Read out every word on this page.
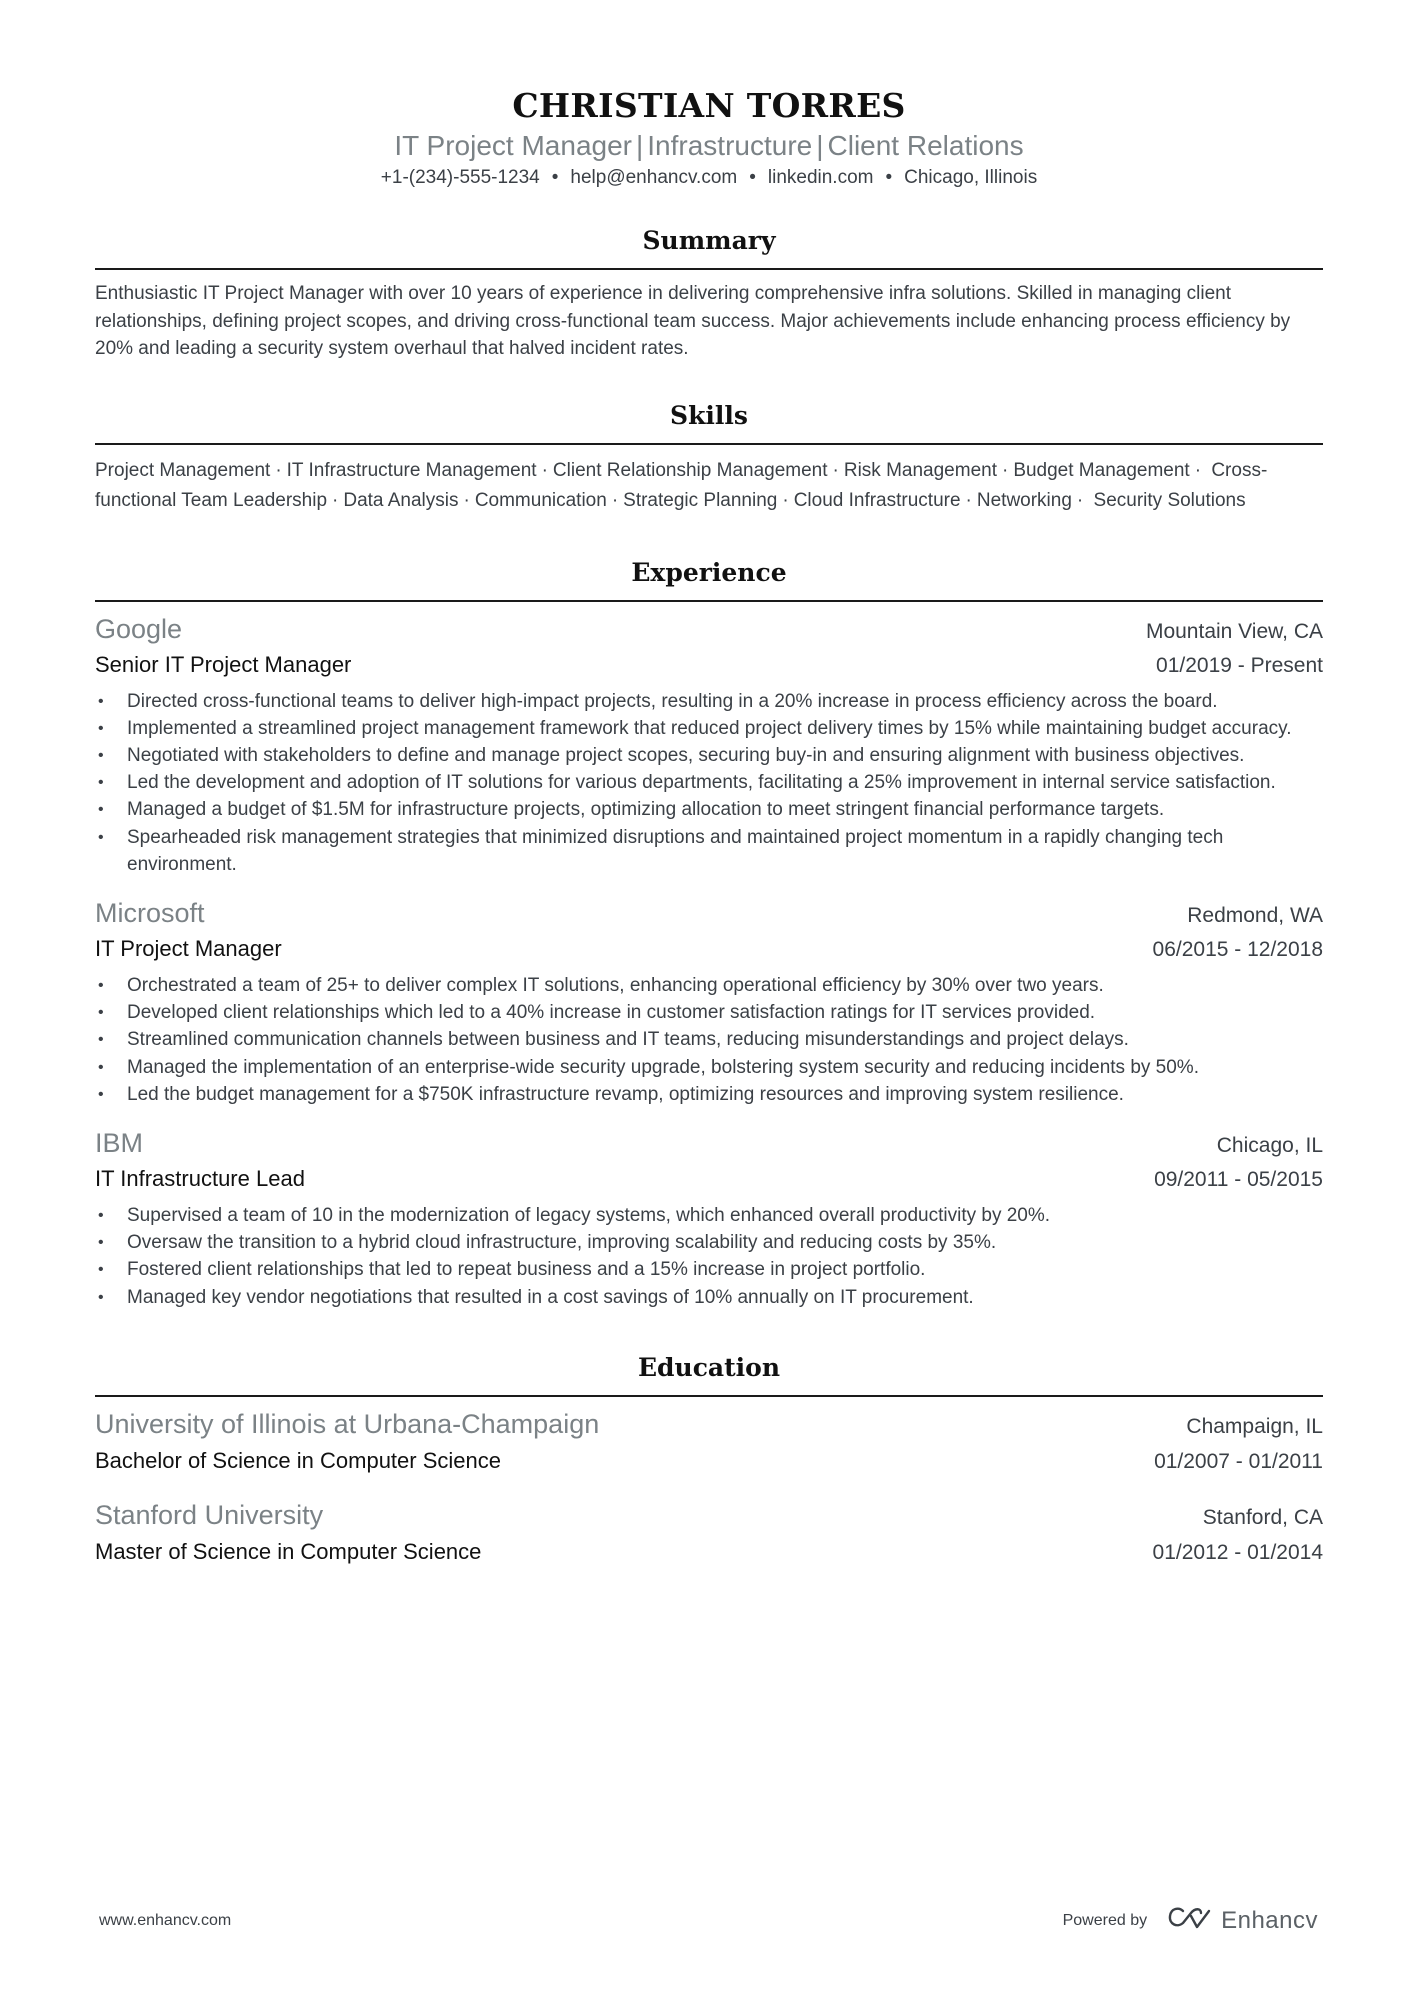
CHRISTIAN TORRES
IT Project Manager | Infrastructure | Client Relations
+1-(234)-555-1234 • help@enhancv.com • linkedin.com • Chicago, Illinois
Summary

Enthusiastic IT Project Manager with over 10 years of experience in delivering comprehensive infra solutions. Skilled in managing client relationships, defining project scopes, and driving cross-functional team success. Major achievements include enhancing process efficiency by 20% and leading a security system overhaul that halved incident rates.

Skills

Project Management · IT Infrastructure Management · Client Relationship Management · Risk Management · Budget Management · Cross-functional Team Leadership · Data Analysis · Communication · Strategic Planning · Cloud Infrastructure · Networking · Security Solutions

Experience
Google	Mountain View, CA
Senior IT Project Manager	01/2019 - Present
• Directed cross-functional teams to deliver high-impact projects, resulting in a 20% increase in process efficiency across the board.
• Implemented a streamlined project management framework that reduced project delivery times by 15% while maintaining budget accuracy.
• Negotiated with stakeholders to define and manage project scopes, securing buy-in and ensuring alignment with business objectives.
• Led the development and adoption of IT solutions for various departments, facilitating a 25% improvement in internal service satisfaction.
• Managed a budget of $1.5M for infrastructure projects, optimizing allocation to meet stringent financial performance targets.
• Spearheaded risk management strategies that minimized disruptions and maintained project momentum in a rapidly changing tech environment.
Microsoft	Redmond, WA
IT Project Manager	06/2015 - 12/2018
• Orchestrated a team of 25+ to deliver complex IT solutions, enhancing operational efficiency by 30% over two years.
• Developed client relationships which led to a 40% increase in customer satisfaction ratings for IT services provided.
• Streamlined communication channels between business and IT teams, reducing misunderstandings and project delays.
• Managed the implementation of an enterprise-wide security upgrade, bolstering system security and reducing incidents by 50%.
• Led the budget management for a $750K infrastructure revamp, optimizing resources and improving system resilience.
IBM	Chicago, IL
IT Infrastructure Lead	09/2011 - 05/2015
• Supervised a team of 10 in the modernization of legacy systems, which enhanced overall productivity by 20%.
• Oversaw the transition to a hybrid cloud infrastructure, improving scalability and reducing costs by 35%.
• Fostered client relationships that led to repeat business and a 15% increase in project portfolio.
• Managed key vendor negotiations that resulted in a cost savings of 10% annually on IT procurement.
Education
University of Illinois at Urbana-Champaign	Champaign, IL
Bachelor of Science in Computer Science	01/2007 - 01/2011
Stanford University	Stanford, CA
Master of Science in Computer Science	01/2012 - 01/2014
www.enhancv.com	Powered by	Enhancv
